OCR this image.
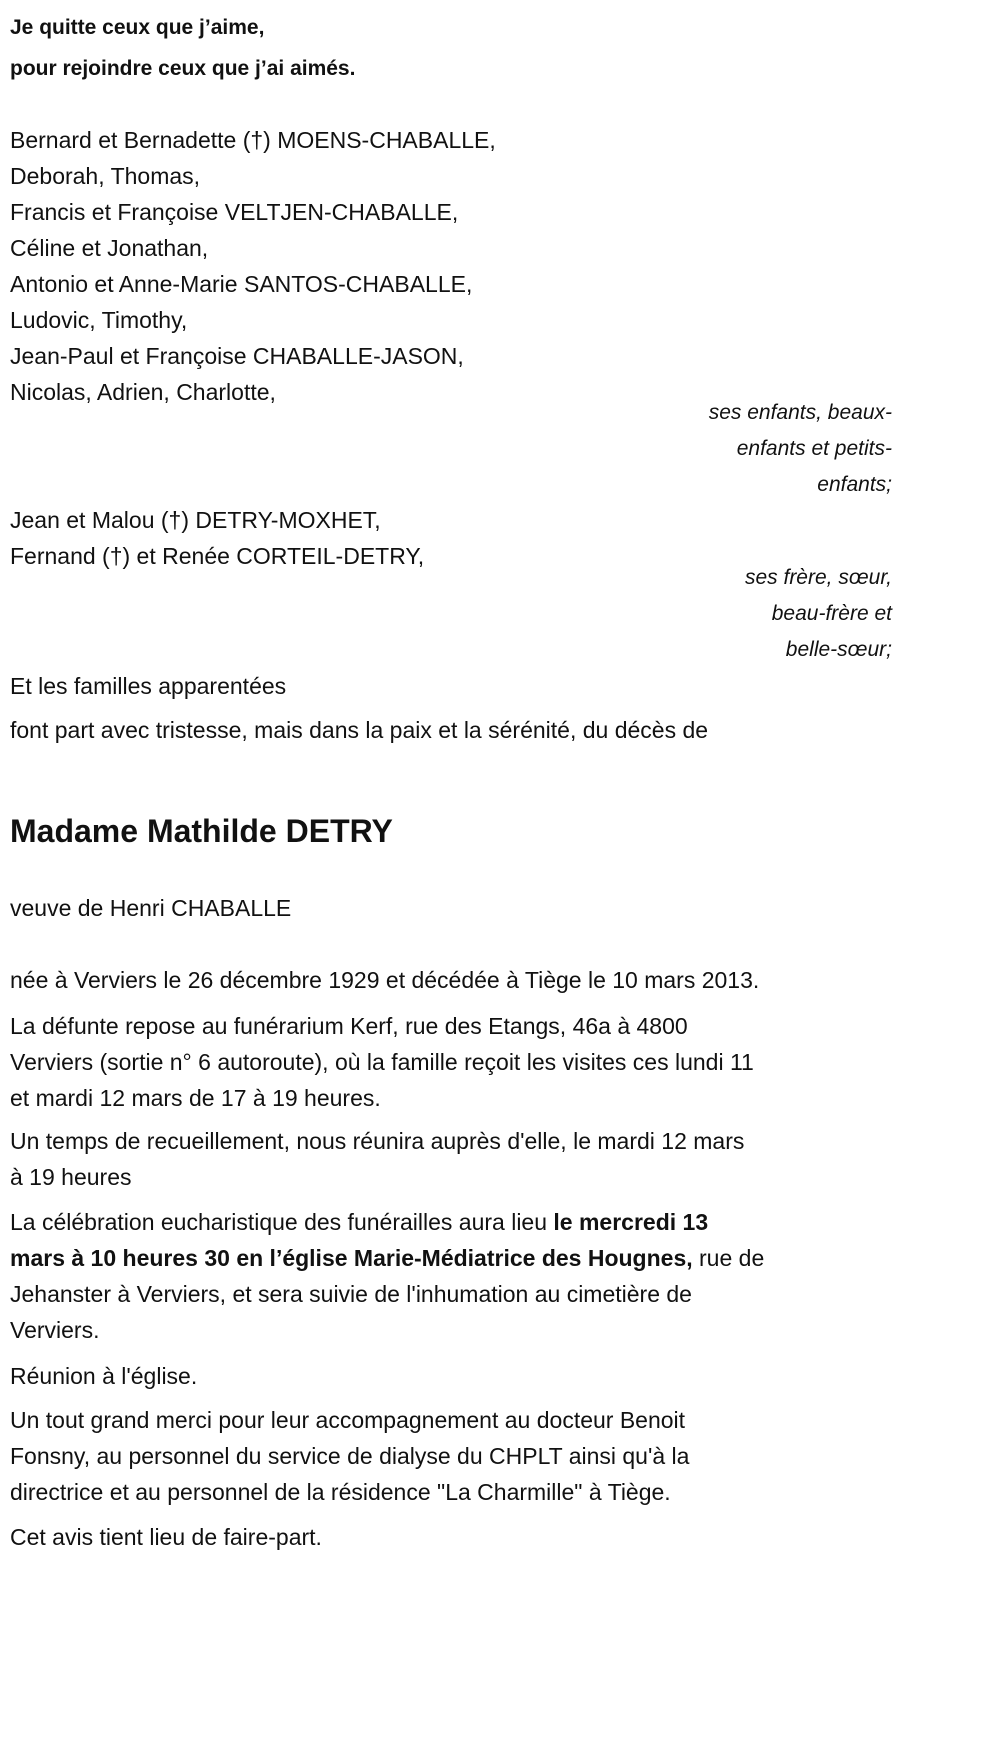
Je quitte ceux que j’aime,
pour rejoindre ceux que j’ai aimés.
Bernard et Bernadette (†) MOENS-CHABALLE,
Deborah, Thomas,
Francis et Françoise VELTJEN-CHABALLE,
Céline et Jonathan,
Antonio et Anne-Marie SANTOS-CHABALLE,
Ludovic, Timothy,
Jean-Paul et Françoise CHABALLE-JASON,
Nicolas, Adrien, Charlotte,
ses enfants, beaux-
enfants et petits-
enfants;
Jean et Malou (†) DETRY-MOXHET,
Fernand (†) et Renée CORTEIL-DETRY,
ses frère, sœur,
beau-frère et
belle-sœur;
Et les familles apparentées
font part avec tristesse, mais dans la paix et la sérénité, du décès de
Madame Mathilde DETRY
veuve de Henri CHABALLE
née à Verviers le 26 décembre 1929 et décédée à Tiège le 10 mars 2013.
La défunte repose au funérarium Kerf, rue des Etangs, 46a à 4800
Verviers (sortie n° 6 autoroute), où la famille reçoit les visites ces lundi 11
et mardi 12 mars de 17 à 19 heures.
Un temps de recueillement, nous réunira auprès d'elle, le mardi 12 mars
à 19 heures
La célébration eucharistique des funérailles aura lieu le mercredi 13
mars à 10 heures 30 en l’église Marie-Médiatrice des Hougnes, rue de
Jehanster à Verviers, et sera suivie de l'inhumation au cimetière de
Verviers.
Réunion à l'église.
Un tout grand merci pour leur accompagnement au docteur Benoit
Fonsny, au personnel du service de dialyse du CHPLT ainsi qu'à la
directrice et au personnel de la résidence "La Charmille" à Tiège.
Cet avis tient lieu de faire-part.
